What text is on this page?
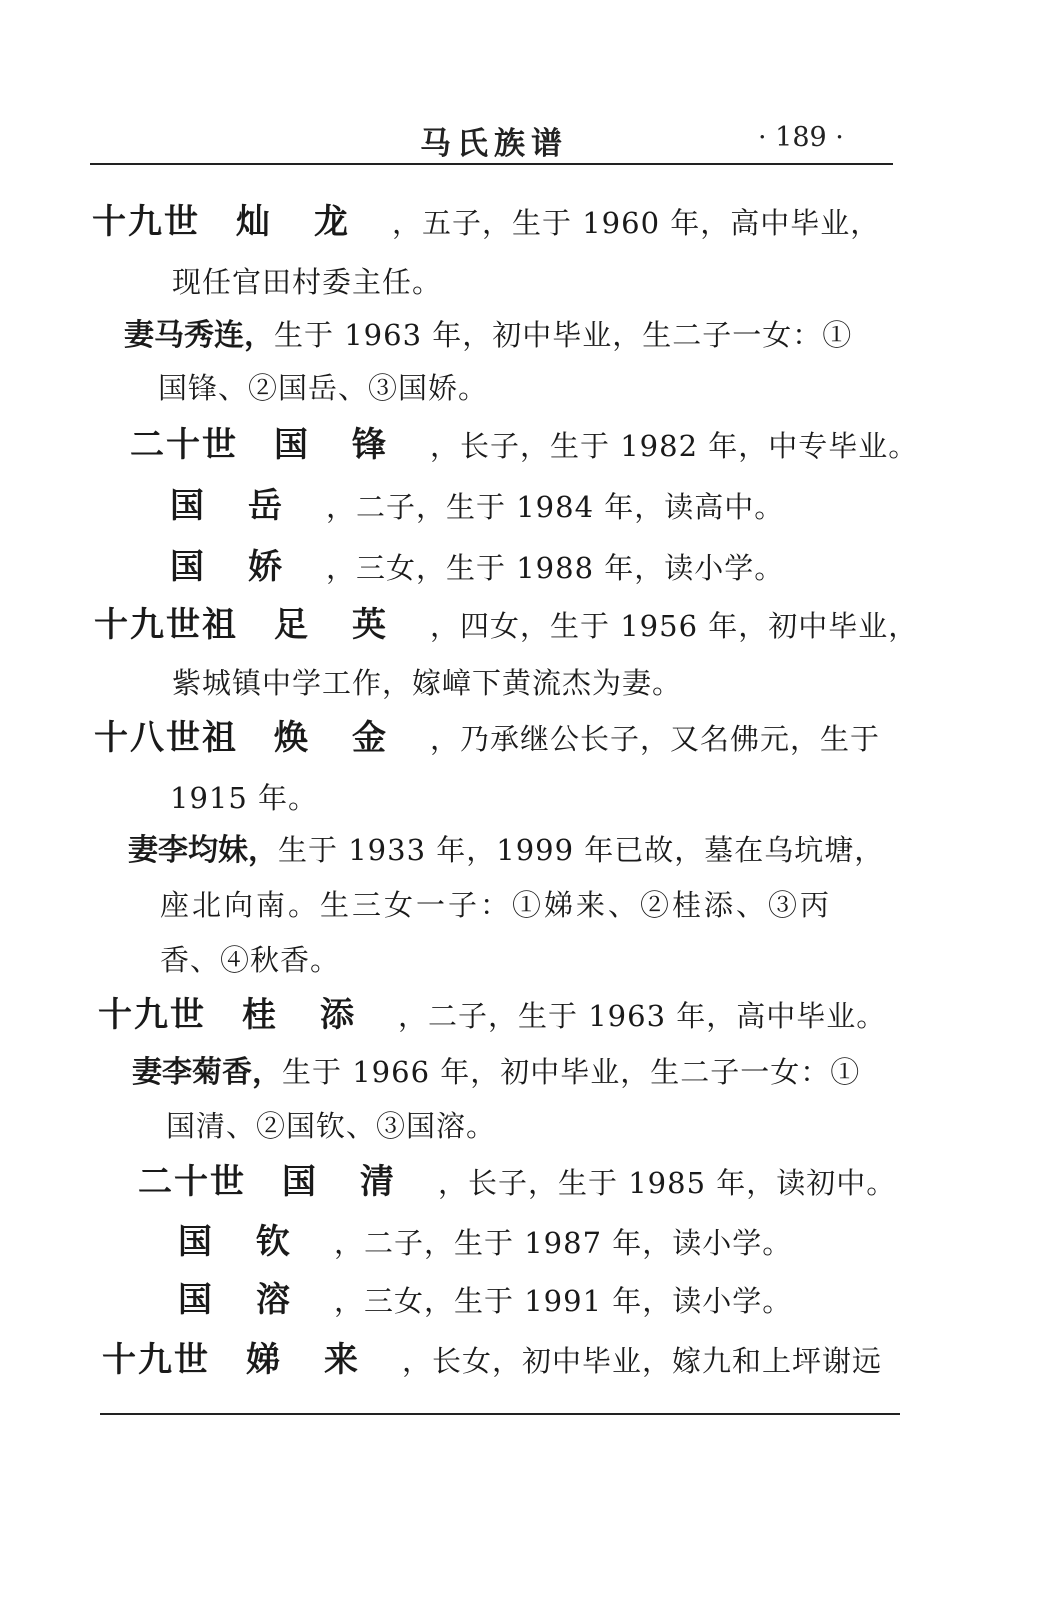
马氏族谱	· 189 ·
十九世 灿龙，五子，生于 1960 年，高中毕业，
现任官田村委主任。
妻马秀连，生于 1963 年，初中毕业，生二子一女：①
国锋、②国岳、③国娇。
二十世 国锋，长子，生于 1982 年，中专毕业。
国岳，二子，生于 1984 年，读高中。
国娇，三女，生于 1988 年，读小学。
十九世祖 足英，四女，生于 1956 年，初中毕业，
紫城镇中学工作，嫁嶂下黄流杰为妻。
十八世祖 焕金，乃承继公长子，又名佛元，生于
1915 年。
妻李均妹，生于 1933 年，1999 年已故，墓在乌坑塘，
座北向南。生三女一子：①娣来、②桂添、③丙
香、④秋香。
十九世 桂添，二子，生于 1963 年，高中毕业。
妻李菊香，生于 1966 年，初中毕业，生二子一女：①
国清、②国钦、③国溶。
二十世 国清，长子，生于 1985 年，读初中。
国钦，二子，生于 1987 年，读小学。
国溶，三女，生于 1991 年，读小学。
十九世 娣来，长女，初中毕业，嫁九和上坪谢远
